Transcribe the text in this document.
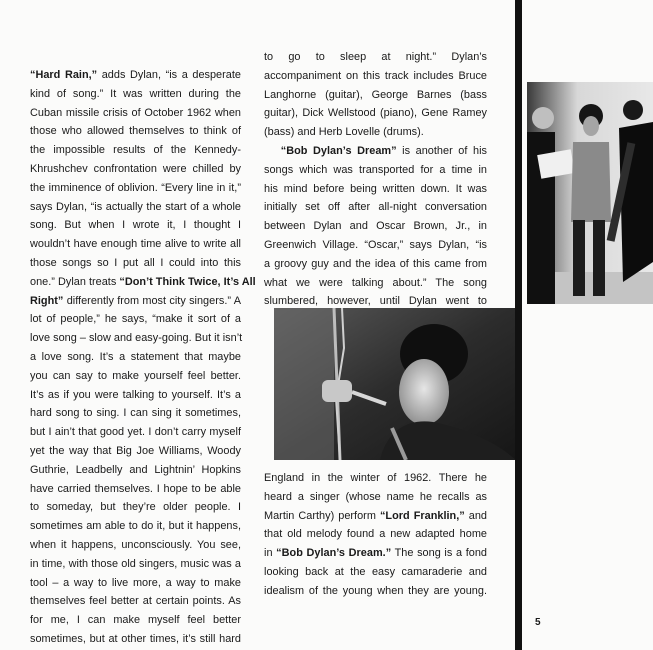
“Hard Rain,” adds Dylan, “is a desperate
kind of song.” It was written during the
Cuban missile crisis of October 1962 when
those who allowed themselves to think of
the impossible results of the Kennedy-
Khrushchev confrontation were chilled by
the imminence of oblivion. “Every line in it,”
says Dylan, “is actually the start of a whole
song. But when I wrote it, I thought I
wouldn’t have enough time alive to write all
those songs so I put all I could into this
one.” Dylan treats “Don’t Think Twice, It’s All
Right” differently from most city singers.” A
lot of people,” he says, “make it sort of a
love song – slow and easy-going. But it isn’t
a love song. It’s a statement that maybe
you can say to make yourself feel better.
It’s as if you were talking to yourself. It’s a
hard song to sing. I can sing it sometimes,
but I ain’t that good yet. I don’t carry myself
yet the way that Big Joe Williams, Woody
Guthrie, Leadbelly and Lightnin’ Hopkins
have carried themselves. I hope to be able
to someday, but they’re older people. I
sometimes am able to do it, but it happens,
when it happens, unconsciously. You see,
in time, with those old singers, music was a
tool – a way to live more, a way to make
themselves feel better at certain points. As
for me, I can make myself feel better
sometimes, but at other times, it’s still hard
to go to sleep at night.” Dylan’s
accompaniment on this track includes Bruce
Langhorne (guitar), George Barnes (bass
guitar), Dick Wellstood (piano), Gene Ramey
(bass) and Herb Lovelle (drums).
“Bob Dylan’s Dream” is another of his
songs which was transported for a time in
his mind before being written down. It was
initially set off after all-night conversation
between Dylan and Oscar Brown, Jr., in
Greenwich Village. “Oscar,” says Dylan, “is
a groovy guy and the idea of this came from
what we were talking about.” The song
slumbered, however, until Dylan went to
England in the winter of 1962. There he
heard a singer (whose name he recalls as
Martin Carthy) perform “Lord Franklin,” and
that old melody found a new adapted home
in “Bob Dylan’s Dream.” The song is a fond
looking back at the easy camaraderie and
idealism of the young when they are young.
5
